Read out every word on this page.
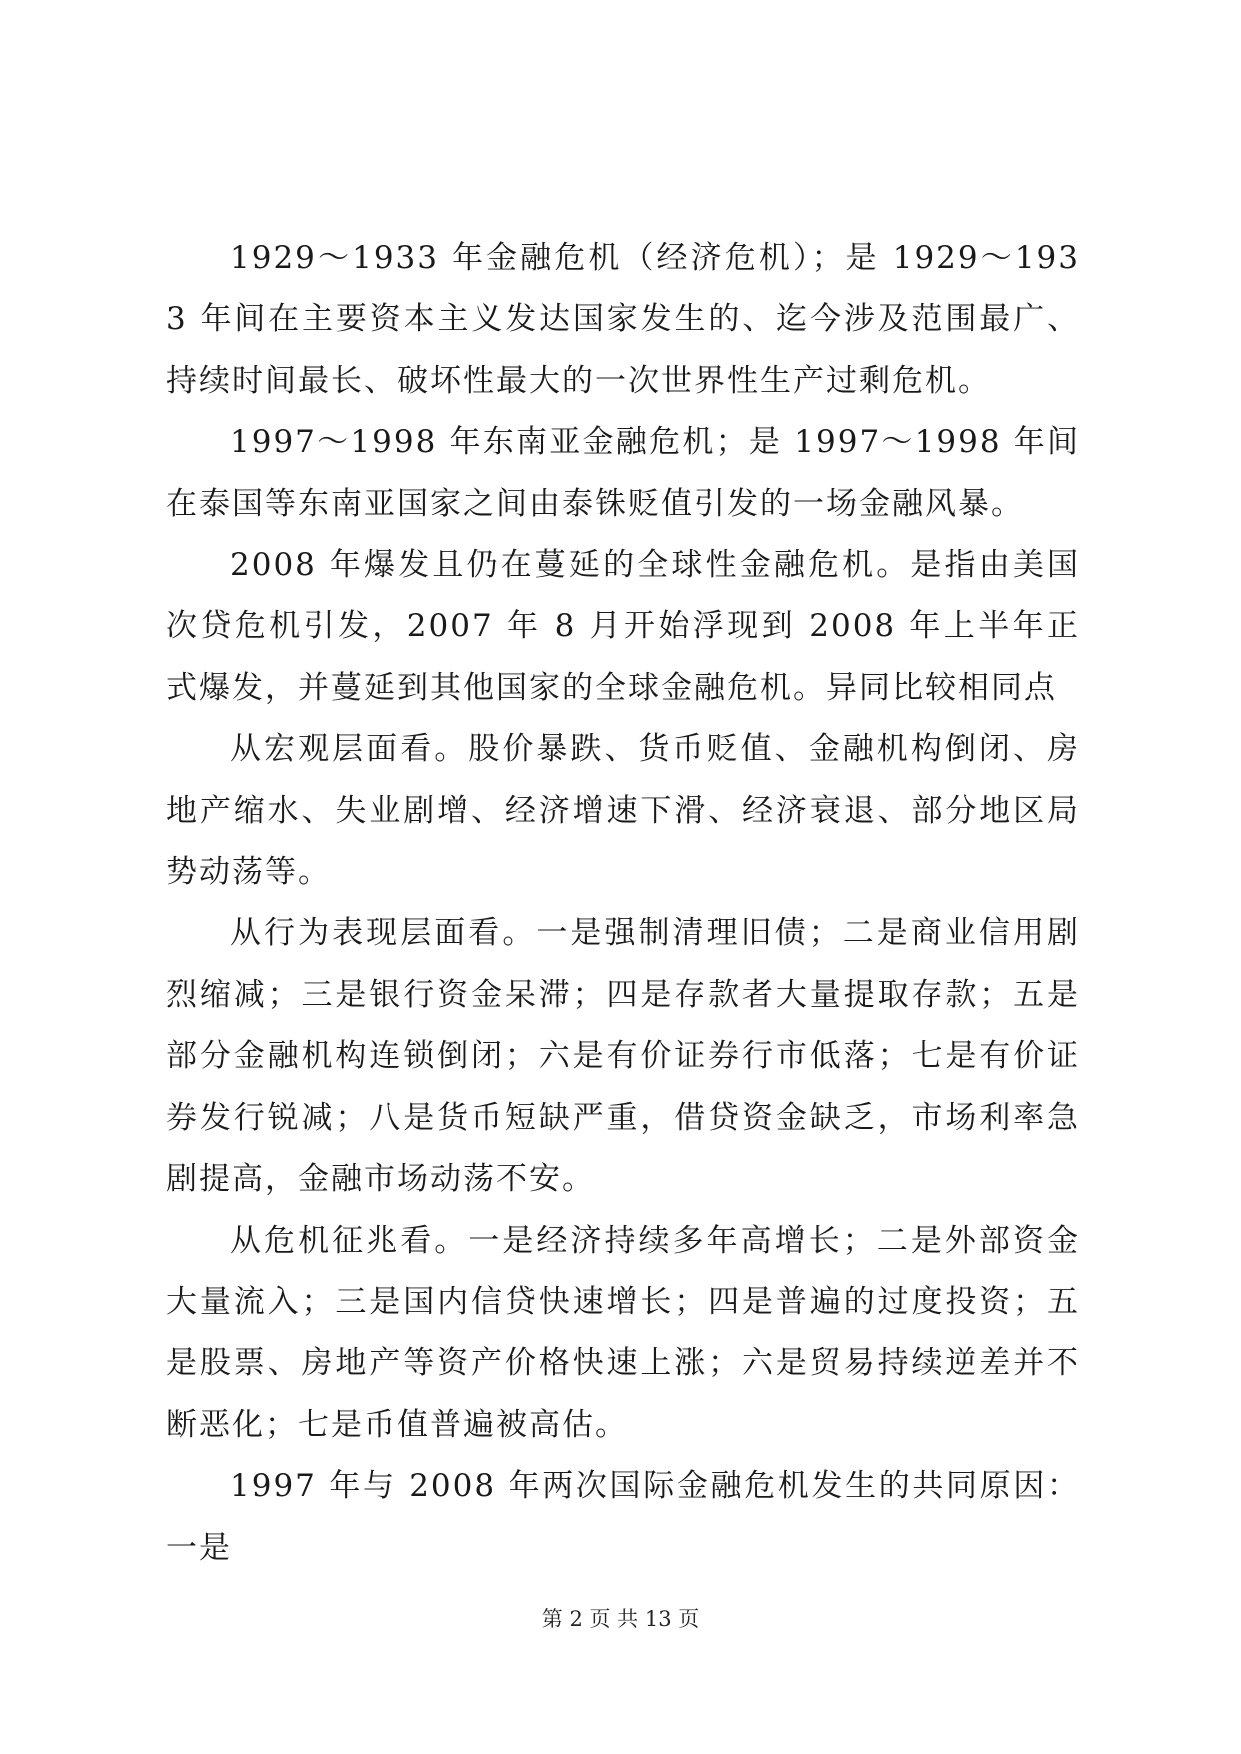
1929～1933 年金融危机（经济危机）；是 1929～1933 年间在主要资本主义发达国家发生的、迄今涉及范围最广、持续时间最长、破坏性最大的一次世界性生产过剩危机。

1997～1998 年东南亚金融危机；是 1997～1998 年间在泰国等东南亚国家之间由泰铢贬值引发的一场金融风暴。

2008 年爆发且仍在蔓延的全球性金融危机。是指由美国次贷危机引发，2007 年 8 月开始浮现到 2008 年上半年正式爆发，并蔓延到其他国家的全球金融危机。异同比较相同点

从宏观层面看。股价暴跌、货币贬值、金融机构倒闭、房地产缩水、失业剧增、经济增速下滑、经济衰退、部分地区局势动荡等。

从行为表现层面看。一是强制清理旧债；二是商业信用剧烈缩减；三是银行资金呆滞；四是存款者大量提取存款；五是部分金融机构连锁倒闭；六是有价证券行市低落；七是有价证券发行锐减；八是货币短缺严重，借贷资金缺乏，市场利率急剧提高，金融市场动荡不安。

从危机征兆看。一是经济持续多年高增长；二是外部资金大量流入；三是国内信贷快速增长；四是普遍的过度投资；五是股票、房地产等资产价格快速上涨；六是贸易持续逆差并不断恶化；七是币值普遍被高估。

1997 年与 2008 年两次国际金融危机发生的共同原因：一是

第 2 页 共 13 页
